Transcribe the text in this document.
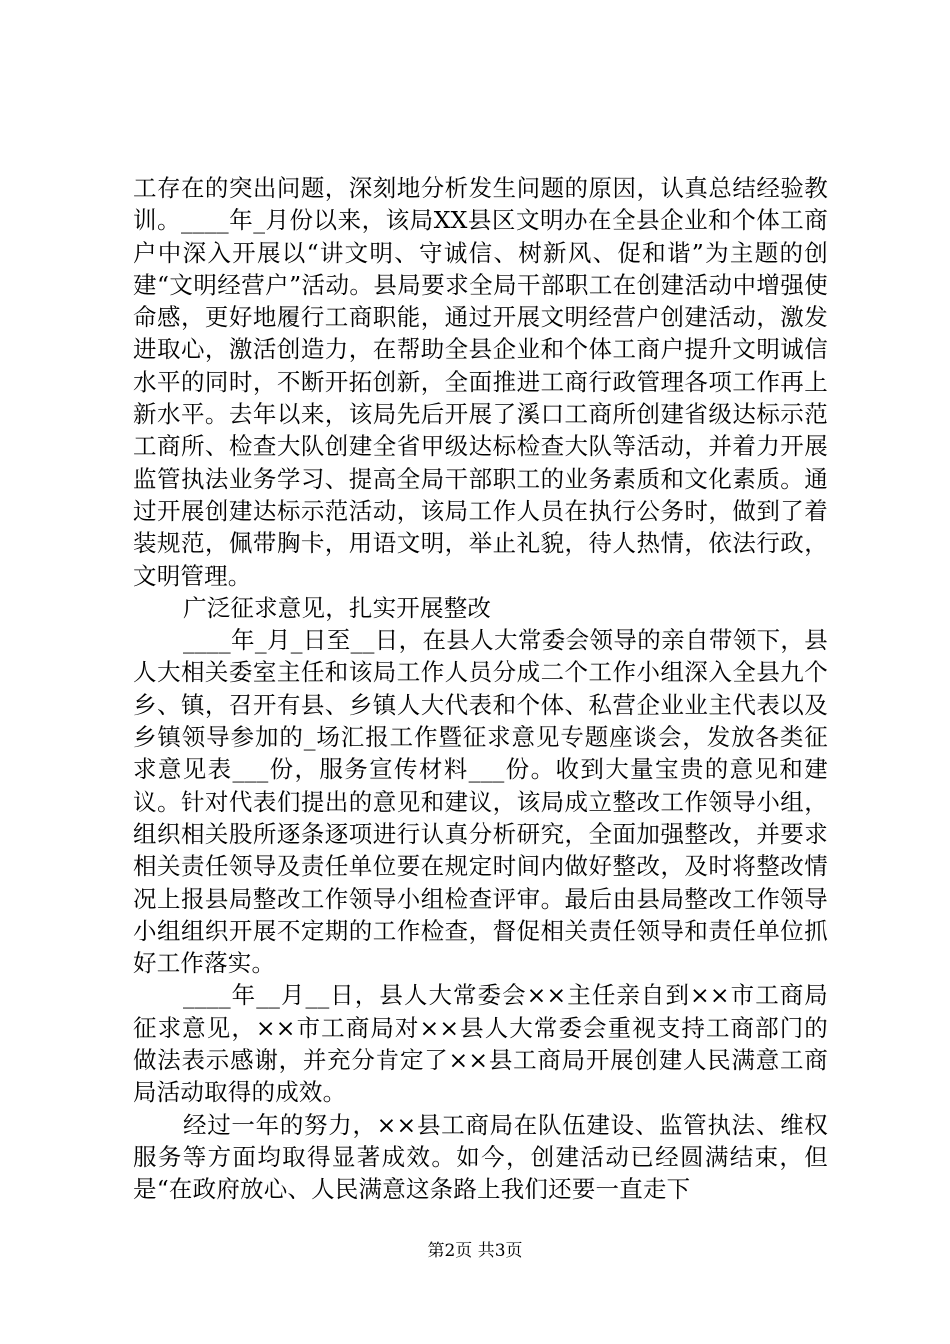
工存在的突出问题，深刻地分析发生问题的原因，认真总结经验教训。____年_月份以来，该局XX县区文明办在全县企业和个体工商户中深入开展以“讲文明、守诚信、树新风、促和谐”为主题的创建“文明经营户”活动。县局要求全局干部职工在创建活动中增强使命感，更好地履行工商职能，通过开展文明经营户创建活动，激发进取心，激活创造力，在帮助全县企业和个体工商户提升文明诚信水平的同时，不断开拓创新，全面推进工商行政管理各项工作再上新水平。去年以来，该局先后开展了溪口工商所创建省级达标示范工商所、检查大队创建全省甲级达标检查大队等活动，并着力开展监管执法业务学习、提高全局干部职工的业务素质和文化素质。通过开展创建达标示范活动，该局工作人员在执行公务时，做到了着装规范，佩带胸卡，用语文明，举止礼貌，待人热情，依法行政，文明管理。

广泛征求意见，扎实开展整改

____年_月_日至__日，在县人大常委会领导的亲自带领下，县人大相关委室主任和该局工作人员分成二个工作小组深入全县九个乡、镇，召开有县、乡镇人大代表和个体、私营企业业主代表以及乡镇领导参加的_场汇报工作暨征求意见专题座谈会，发放各类征求意见表___份，服务宣传材料___份。收到大量宝贵的意见和建议。针对代表们提出的意见和建议，该局成立整改工作领导小组，组织相关股所逐条逐项进行认真分析研究，全面加强整改，并要求相关责任领导及责任单位要在规定时间内做好整改，及时将整改情况上报县局整改工作领导小组检查评审。最后由县局整改工作领导小组组织开展不定期的工作检查，督促相关责任领导和责任单位抓好工作落实。

____年__月__日，县人大常委会××主任亲自到××市工商局征求意见，××市工商局对××县人大常委会重视支持工商部门的做法表示感谢，并充分肯定了××县工商局开展创建人民满意工商局活动取得的成效。

经过一年的努力，××县工商局在队伍建设、监管执法、维权服务等方面均取得显著成效。如今，创建活动已经圆满结束，但是“在政府放心、人民满意这条路上我们还要一直走下

第2页 共3页
